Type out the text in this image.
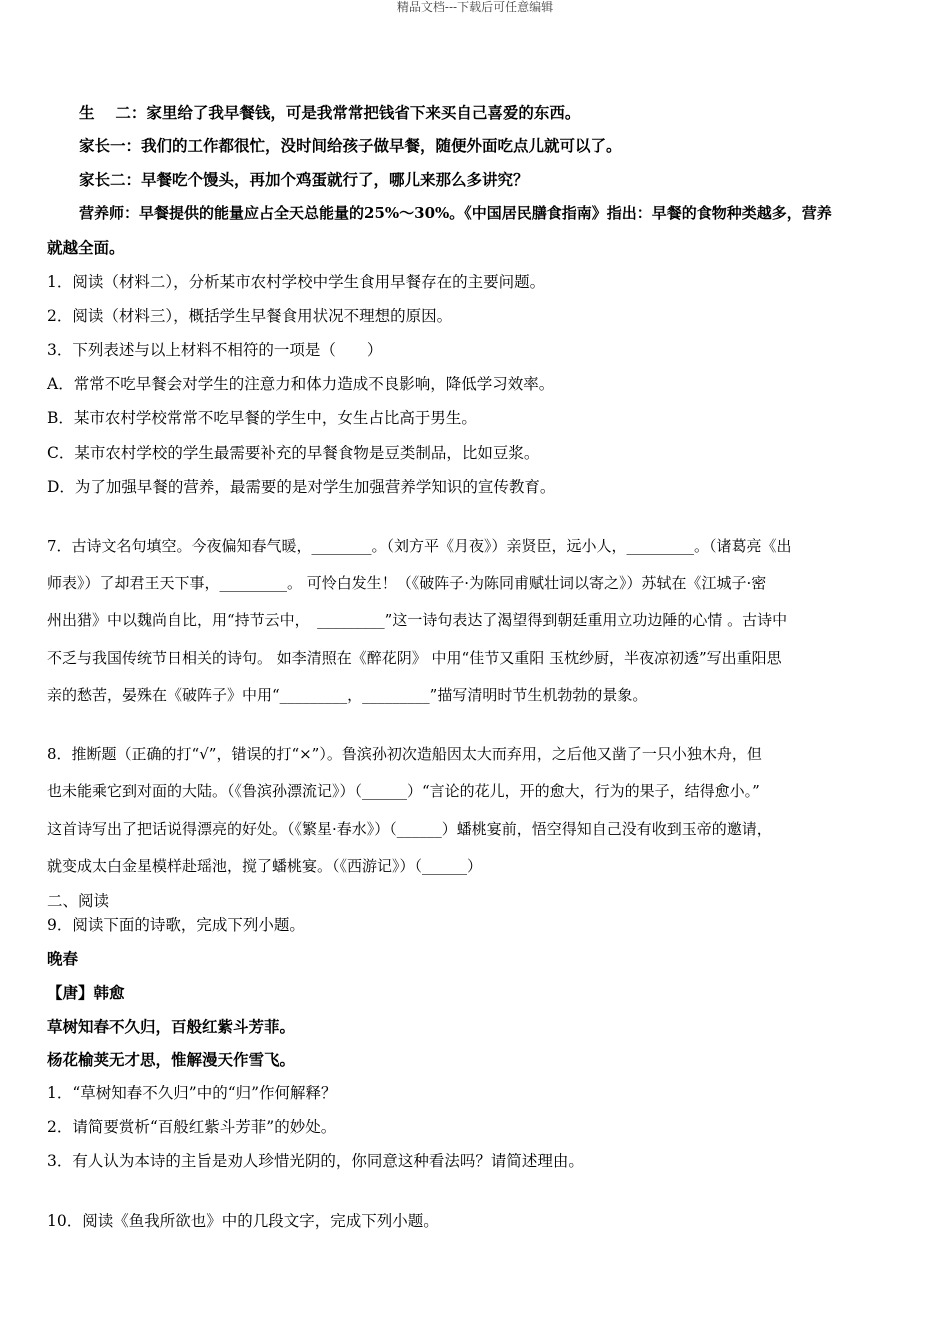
精品文档---下载后可任意编辑
生　 二：家里给了我早餐钱，可是我常常把钱省下来买自己喜爱的东西。
家长一：我们的工作都很忙，没时间给孩子做早餐，随便外面吃点儿就可以了。
家长二：早餐吃个馒头，再加个鸡蛋就行了，哪儿来那么多讲究？
营养师：早餐提供的能量应占全天总能量的25%～30%。《中国居民膳食指南》指出：早餐的食物种类越多，营养
就越全面。
1．阅读（材料二），分析某市农村学校中学生食用早餐存在的主要问题。
2．阅读（材料三），概括学生早餐食用状况不理想的原因。
3．下列表述与以上材料不相符的一项是（　　）
A．常常不吃早餐会对学生的注意力和体力造成不良影响，降低学习效率。
B．某市农村学校常常不吃早餐的学生中，女生占比高于男生。
C．某市农村学校的学生最需要补充的早餐食物是豆类制品，比如豆浆。
D．为了加强早餐的营养，最需要的是对学生加强营养学知识的宣传教育。
7．古诗文名句填空。今夜偏知春气暖，________。（刘方平《月夜》）亲贤臣，远小人，_________。（诸葛亮《出
师表》）了却君王天下事，_________。 可怜白发生！（《破阵子·为陈同甫赋壮词以寄之》）苏轼在《江城子·密
州出猎》中以魏尚自比，用“持节云中，　_________”这一诗句表达了渴望得到朝廷重用立功边陲的心情 。古诗中
不乏与我国传统节日相关的诗句。 如李清照在《醉花阴》 中用“佳节又重阳 玉枕纱厨，半夜凉初透”写出重阳思
亲的愁苦，晏殊在《破阵子》中用“_________，_________”描写清明时节生机勃勃的景象。
8．推断题（正确的打“√”，错误的打“×”）。鲁滨孙初次造船因太大而弃用，之后他又凿了一只小独木舟，但
也未能乘它到对面的大陆。（《鲁滨孙漂流记》）（______）“言论的花儿，开的愈大，行为的果子，结得愈小。”
这首诗写出了把话说得漂亮的好处。（《繁星·春水》）（______）蟠桃宴前，悟空得知自己没有收到玉帝的邀请，
就变成太白金星模样赴瑶池，搅了蟠桃宴。（《西游记》）（______）
二、阅读
9．阅读下面的诗歌，完成下列小题。
晚春
【唐】韩愈
草树知春不久归，百般红紫斗芳菲。
杨花榆荚无才思，惟解漫天作雪飞。
1．“草树知春不久归”中的“归”作何解释？
2．请简要赏析“百般红紫斗芳菲”的妙处。
3．有人认为本诗的主旨是劝人珍惜光阴的，你同意这种看法吗？请简述理由。
10．阅读《鱼我所欲也》中的几段文字，完成下列小题。
